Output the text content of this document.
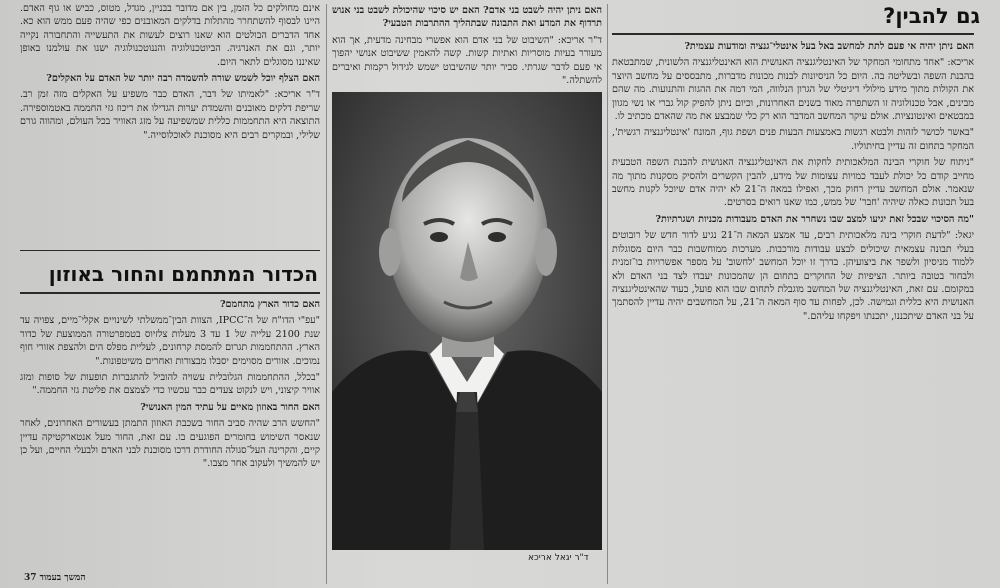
גם להבין?

האם ניתן יהיה אי פעם לתת למחשב באל בעל אינטלי־גנציה ומודעות עצמית?

אריכא: "אחד מתחומי המחקר של האינטליגנציה האנושית הוא האינטליגנציה הלשונית, שמתבטאת בהבנת השפה ובשליטה בה. היום כל הניסיונות לבנות מכונות מדברות, מתבססים על מחשב היוצר את הקולות מתוך מידע מילולי דיגיטלי של הגרון הנלווה, המי דמה את ההגות והתנועות. מה שהם מבינים, אבל טכנולוגיה זו השתפרה מאוד בשנים האחרונות, וכיום ניתן להפיק קול גברי או נשי מגוון במבטאים ואינטונציות. אולם עיקר המחשב המדבר הוא רק כלי שמבצע את מה שהאדם מכתיב לו.

"באשר לכושר לזהות ולבטא רגשות באמצעות הבעות פנים ושפת גוף, המונח 'אינטליגנציה רגשית', המחקר בתחום זה עדיין בחיתוליו.

"ניתוח של חוקרי הבינה המלאכותית לחקות את האינטליגנציה האנושית להבנת השפה הטבעית מחייב קודם כל יכולת לעבד כמויות עצומות של מידע, להבין הקשרים ולהסיק מסקנות מתוך מה שנאמר. אולם המחשב עדיין רחוק מכך, ואפילו במאה ה־21 לא יהיה אדם שיוכל לקנות מחשב בעל תכונות כאלה שיהיה 'חבר' של ממש, כמו שאנו רואים בסרטים.

"מה הסיכוי שבכל זאת יגיעו למצב שבו נשחרר את האדם מעבודות מכניות ושגרתיות?

יגאל: "לדעת חוקרי בינה מלאכותית רבים, עד אמצע המאה ה־21 נגיע לדור חדש של רובוטים בעלי תבונה עצמאית שיכולים לבצע עבודות מורכבות. מערכות ממוחשבות כבר היום מסוגלות ללמוד מניסיון ולשפר את ביצועיהן. בדרך זו יוכל המחשב 'לחשוב' על מספר אפשרויות בו־זמנית ולבחור בטובה ביותר. הציפיות של החוקרים בתחום הן שהמכונות יעבדו לצד בני האדם ולא במקומם. עם זאת, האינטליגנציה של המחשב מוגבלת לתחום שבו הוא פועל, בעוד שהאינטליגנציה האנושית היא כללית וגמישה. לכן, לפחות עד סוף המאה ה־21, על המחשבים יהיה עדיין להסתמך על בני האדם שיתכננו, יתכנתו ויפקחו עליהם."

האם ניתן יהיה לשבט בני אדם? האם יש סיכוי שהיכולת לשבט בני אנוש תרדוף את המדע ואת התבונה שבתהליך ההתרבות הטבעי?

ד"ר אריכא: "השיבוט של בני אדם הוא אפשרי מבחינה מדעית, אך הוא מעורר בעיות מוסריות ואתיות קשות. קשה להאמין ששיבוט אנושי יהפוך אי פעם לדבר שגרתי. סביר יותר שהשיבוט ישמש לגידול רקמות ואיברים להשתלה."

ד"ר יגאל אריכא

אינם מחולקים כל הזמן, בין אם מדובר בבניין, מגדל, מטוס, כביש או גוף האדם. היינו לבסוף להשתחרר מהתלות בדלקים המאובנים כפי שהיה פעם ממש הוא כא. אחד הדברים הבולטים הוא שאנו רוצים לעשות את התעשייה והתחבורה נקייה יותר, וגם את האנרגיה. הביוטכנולוגיה והננוטכנולוגיה ישנו את עולמנו באופן שאיננו מסוגלים לתאר היום.

האם הצלף יוכל לשמש שורה להשמדה רבה יותר של האדם על האקלים?

ד"ר אריכא: "לאמיתו של דבר, האדם כבר משפיע על האקלים מזה זמן רב. שריפת דלקים מאובנים והשמדת יערות הגדילו את ריכוז גזי החממה באטמוספירה. התוצאה היא התחממות כללית שמשפיעה על מזג האוויר בכל העולם, ומהווה גורם שלילי, ובמקרים רבים היא מסוכנת לאוכלוסייה."

הכדור המתחמם והחור באוזון

האם כדור הארץ מתחמם?

"עפ"י הדו"ח של ה־IPCC, הצוות הבין־ממשלתי לשינויים אקלי־מיים, צפויה עד שנת 2100 עלייה של 1 עד 3 מעלות צלזיוס בטמפרטורה הממוצעת של כדור הארץ. ההתחממות תגרום להמסת קרחונים, לעליית מפלס הים ולהצפת אזורי חוף נמוכים. אזורים מסוימים יסבלו מבצורות ואחרים משיטפונות."

"בכלל, ההתחממות הגלובלית עשויה להוביל להתגברות תופעות של סופות ומזג אוויר קיצוני, ויש לנקוט צעדים כבר עכשיו כדי לצמצם את פליטת גזי החממה."

האם החור באוזון מאיים על עתיד המין האנושי?

"החשש הרב שהיה סביב החור בשכבת האוזון התמתן בעשורים האחרונים, לאחר שנאסר השימוש בחומרים הפוגעים בו. עם זאת, החור מעל אנטארקטיקה עדיין קיים, והקרינה העל־סגולה החודרת דרכו מסוכנת לבני האדם ולבעלי החיים, ועל כן יש להמשיך ולעקוב אחר מצבו."

המשך בעמוד 37
